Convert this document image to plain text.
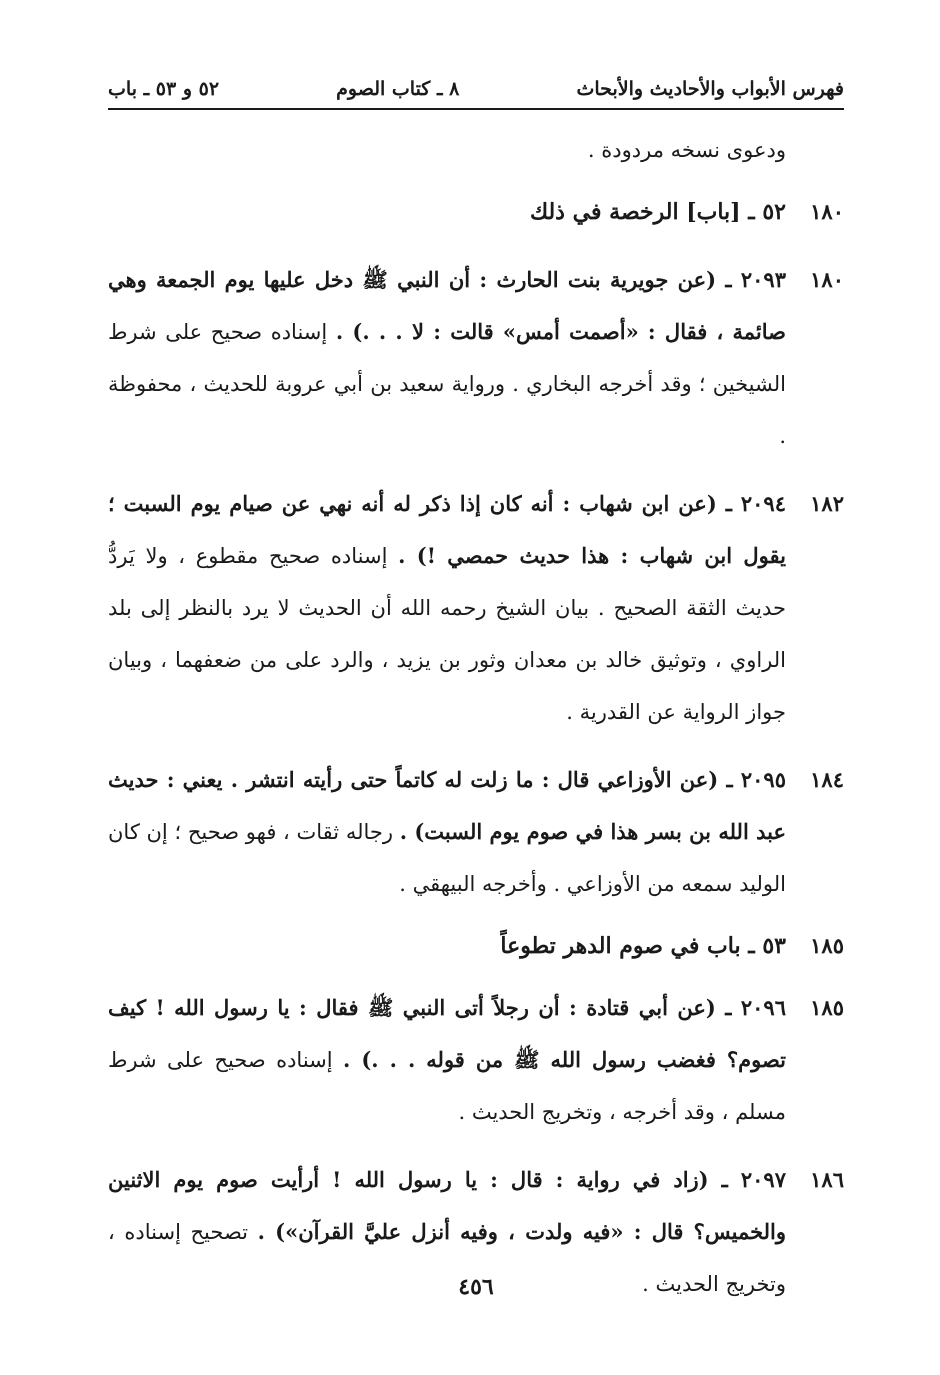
فهرس الأبواب والأحاديث والأبحاث
٨ ـ كتاب الصوم
٥٢ و ٥٣ ـ باب
ودعوى نسخه مردودة .
١٨٠
٥٢ ـ [باب] الرخصة في ذلك
١٨٠
٢٠٩٣ ـ (عن جويرية بنت الحارث : أن النبي ﷺ دخل عليها يوم الجمعة وهي صائمة ، فقال : «أصمت أمس» قالت : لا . . .) . إسناده صحيح على شرط الشيخين ؛ وقد أخرجه البخاري . ورواية سعيد بن أبي عروبة للحديث ، محفوظة .
١٨٢
٢٠٩٤ ـ (عن ابن شهاب : أنه كان إذا ذكر له أنه نهي عن صيام يوم السبت ؛ يقول ابن شهاب : هذا حديث حمصي !) . إسناده صحيح مقطوع ، ولا يَردُّ حديث الثقة الصحيح . بيان الشيخ رحمه الله أن الحديث لا يرد بالنظر إلى بلد الراوي ، وتوثيق خالد بن معدان وثور بن يزيد ، والرد على من ضعفهما ، وبيان جواز الرواية عن القدرية .
١٨٤
٢٠٩٥ ـ (عن الأوزاعي قال : ما زلت له كاتماً حتى رأيته انتشر . يعني : حديث عبد الله بن بسر هذا في صوم يوم السبت) . رجاله ثقات ، فهو صحيح ؛ إن كان الوليد سمعه من الأوزاعي . وأخرجه البيهقي .
١٨٥
٥٣ ـ باب في صوم الدهر تطوعاً
١٨٥
٢٠٩٦ ـ (عن أبي قتادة : أن رجلاً أتى النبي ﷺ فقال : يا رسول الله ! كيف تصوم؟ فغضب رسول الله ﷺ من قوله . . .) . إسناده صحيح على شرط مسلم ، وقد أخرجه ، وتخريج الحديث .
١٨٦
٢٠٩٧ ـ (زاد في رواية : قال : يا رسول الله ! أرأيت صوم يوم الاثنين والخميس؟ قال : «فيه ولدت ، وفيه أنزل عليَّ القرآن») . تصحيح إسناده ، وتخريج الحديث .
٤٥٦
